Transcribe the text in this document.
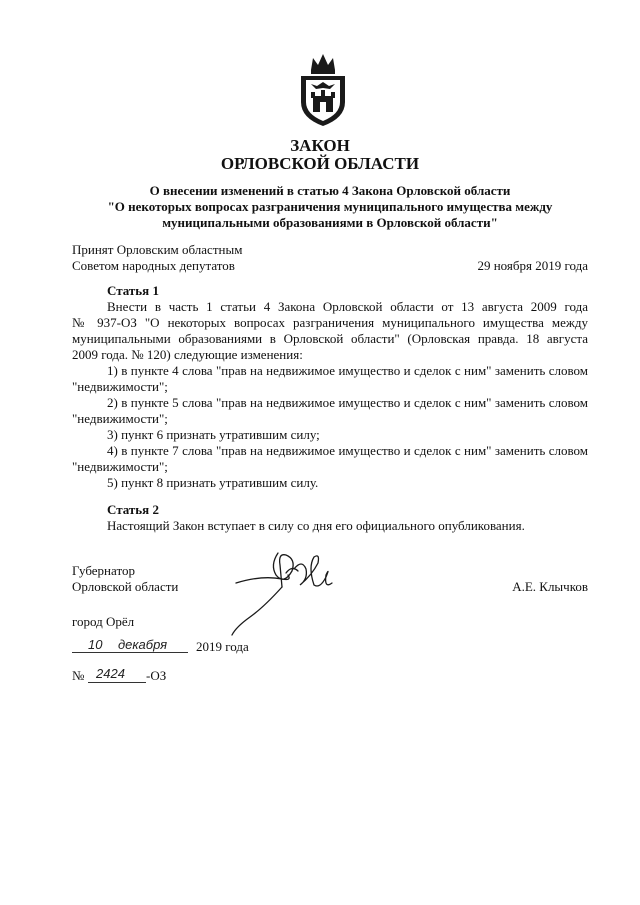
ЗАКОН
ОРЛОВСКОЙ ОБЛАСТИ
О внесении изменений в статью 4 Закона Орловской области
"О некоторых вопросах разграничения муниципального имущества между
муниципальными образованиями в Орловской области"
Принят Орловским областным
Советом народных депутатов	29 ноября 2019 года
Статья 1
Внести в часть 1 статьи 4 Закона Орловской области от 13 августа 2009 года
№ 937-ОЗ "О некоторых вопросах разграничения муниципального имущества между
муниципальными образованиями в Орловской области" (Орловская правда. 18 августа
2009 года. № 120) следующие изменения:
1) в пункте 4 слова "прав на недвижимое имущество и сделок с ним" заменить словом
"недвижимости";
2) в пункте 5 слова "прав на недвижимое имущество и сделок с ним" заменить словом
"недвижимости";
3) пункт 6 признать утратившим силу;
4) в пункте 7 слова "прав на недвижимое имущество и сделок с ним" заменить словом
"недвижимости";
5) пункт 8 признать утратившим силу.
Статья 2
Настоящий Закон вступает в силу со дня его официального опубликования.
Губернатор
Орловской области	А.Е. Клычков
город Орёл
10 декабря 2019 года
№ 2424 -ОЗ
